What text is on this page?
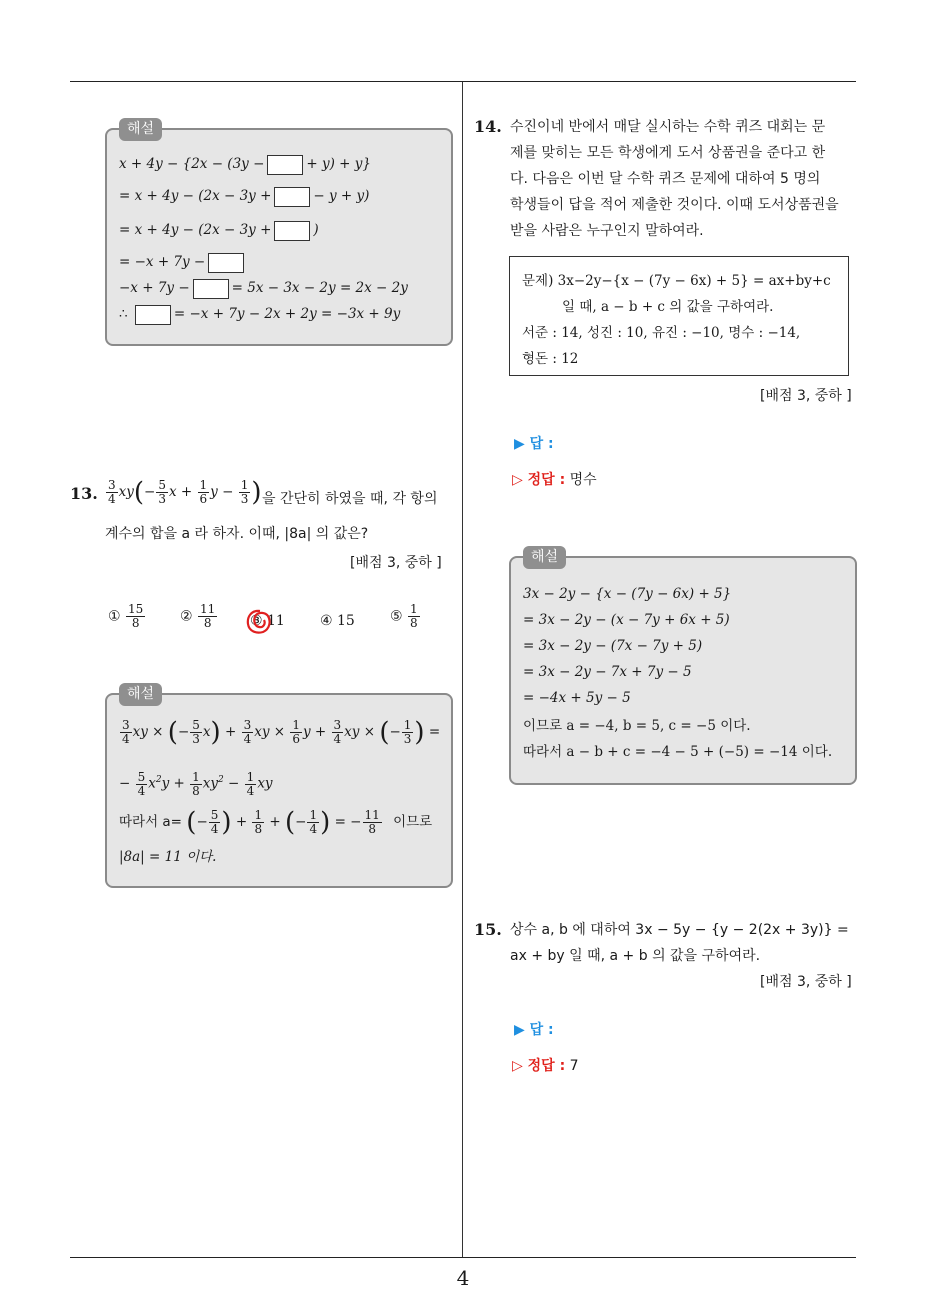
4
해설
x + 4y − {2x − (3y −	+ y) + y}
= x + 4y − (2x − 3y +	− y + y)
= x + 4y − (2x − 3y +	)
= −x + 7y −
−x + 7y −	= 5x − 3x − 2y = 2x − 2y
∴	= −x + 7y − 2x + 2y = −3x + 9y
13. $\frac{3}{4} xy(- \frac{5}{3}$ $x + \frac{1}{6}$ $y - \frac{1}{3}$ ) 을 간단히 하였을 때, 각 항의
계수의 합을 a 라 하자. 이때, |8a| 의 값은?
[배점 3, 중하 ]
① $\frac{15}{8}$ ② $\frac{11}{8}$ ③ 11	④ 15	⑤ $\frac{1}{8}$
해설
$\frac{3}{4}$ xy × (− $\frac{5}{3} x) + \frac{3}{4}$ xy × $\frac{1}{6}$ $y + \frac{3}{4}$ xy × (− $\frac{1}{3}$ ) =
− $\frac{5}{4} x^2y + \frac{1}{8} xy^2 - \frac{1}{4}$ xy
따라서 a= (− $\frac{5}{4}$ ) + $\frac{1}{8}$ + (− $\frac{1}{4}$ ) = − $\frac{11}{8}$ 이므로
|8a| = 11 이다.
14. 수진이네 반에서 매달 실시하는 수학 퀴즈 대회는 문
제를 맞히는 모든 학생에게 도서 상품권을 준다고 한
다. 다음은 이번 달 수학 퀴즈 문제에 대하여 5 명의
학생들이 답을 적어 제출한 것이다. 이때 도서상품권을
받을 사람은 누구인지 말하여라.
문제) 3x−2y−{x − (7y − 6x) + 5} = ax+by+c
일 때, a − b + c 의 값을 구하여라.
서준 : 14, 성진 : 10, 유진 : −10, 명수 : −14,
형돈 : 12
[배점 3, 중하 ]
▶ 답 :
▷ 정답 : 명수
해설
3x − 2y − {x − (7y − 6x) + 5}
= 3x − 2y − (x − 7y + 6x + 5)
= 3x − 2y − (7x − 7y + 5)
= 3x − 2y − 7x + 7y − 5
= −4x + 5y − 5
이므로 a = −4, b = 5, c = −5 이다.
따라서 a − b + c = −4 − 5 + (−5) = −14 이다.
15. 상수 a, b 에 대하여 3x − 5y − {y − 2(2x + 3y)} =
ax + by 일 때, a + b 의 값을 구하여라.
[배점 3, 중하 ]
▶ 답 :
▷ 정답 : 7
